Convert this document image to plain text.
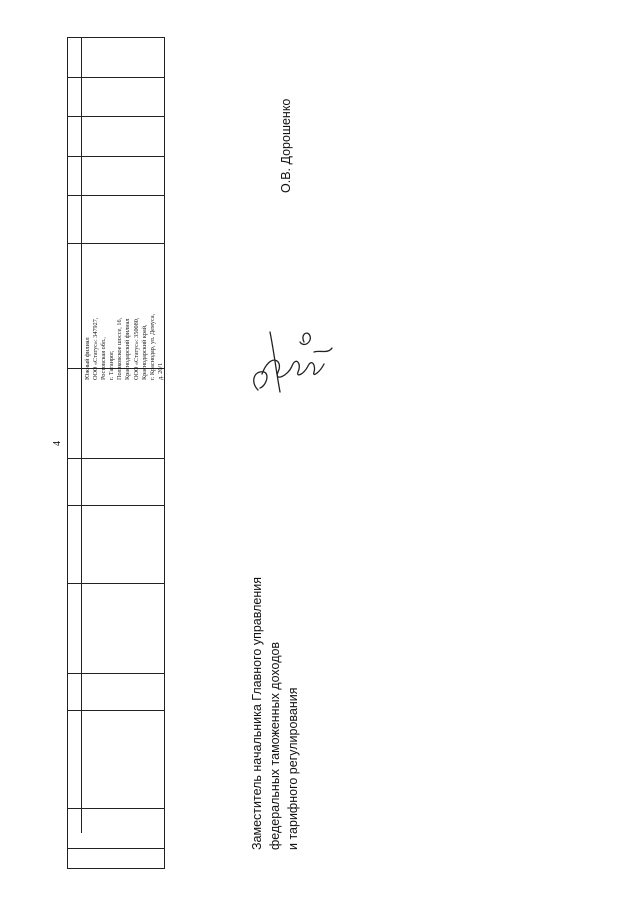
4
Южный филиал ООО «Статус»: 347927, Ростовская обл., г. Таганрог, Поляковское шоссе, 16, Краснодарский филиал ООО «Статус»: 350080, Краснодарский край, г. Краснодар, ул. Демуса, д. 20/1
Заместитель начальника Главного управления федеральных таможенных доходов и тарифного регулирования
О.В. Дорошенко
